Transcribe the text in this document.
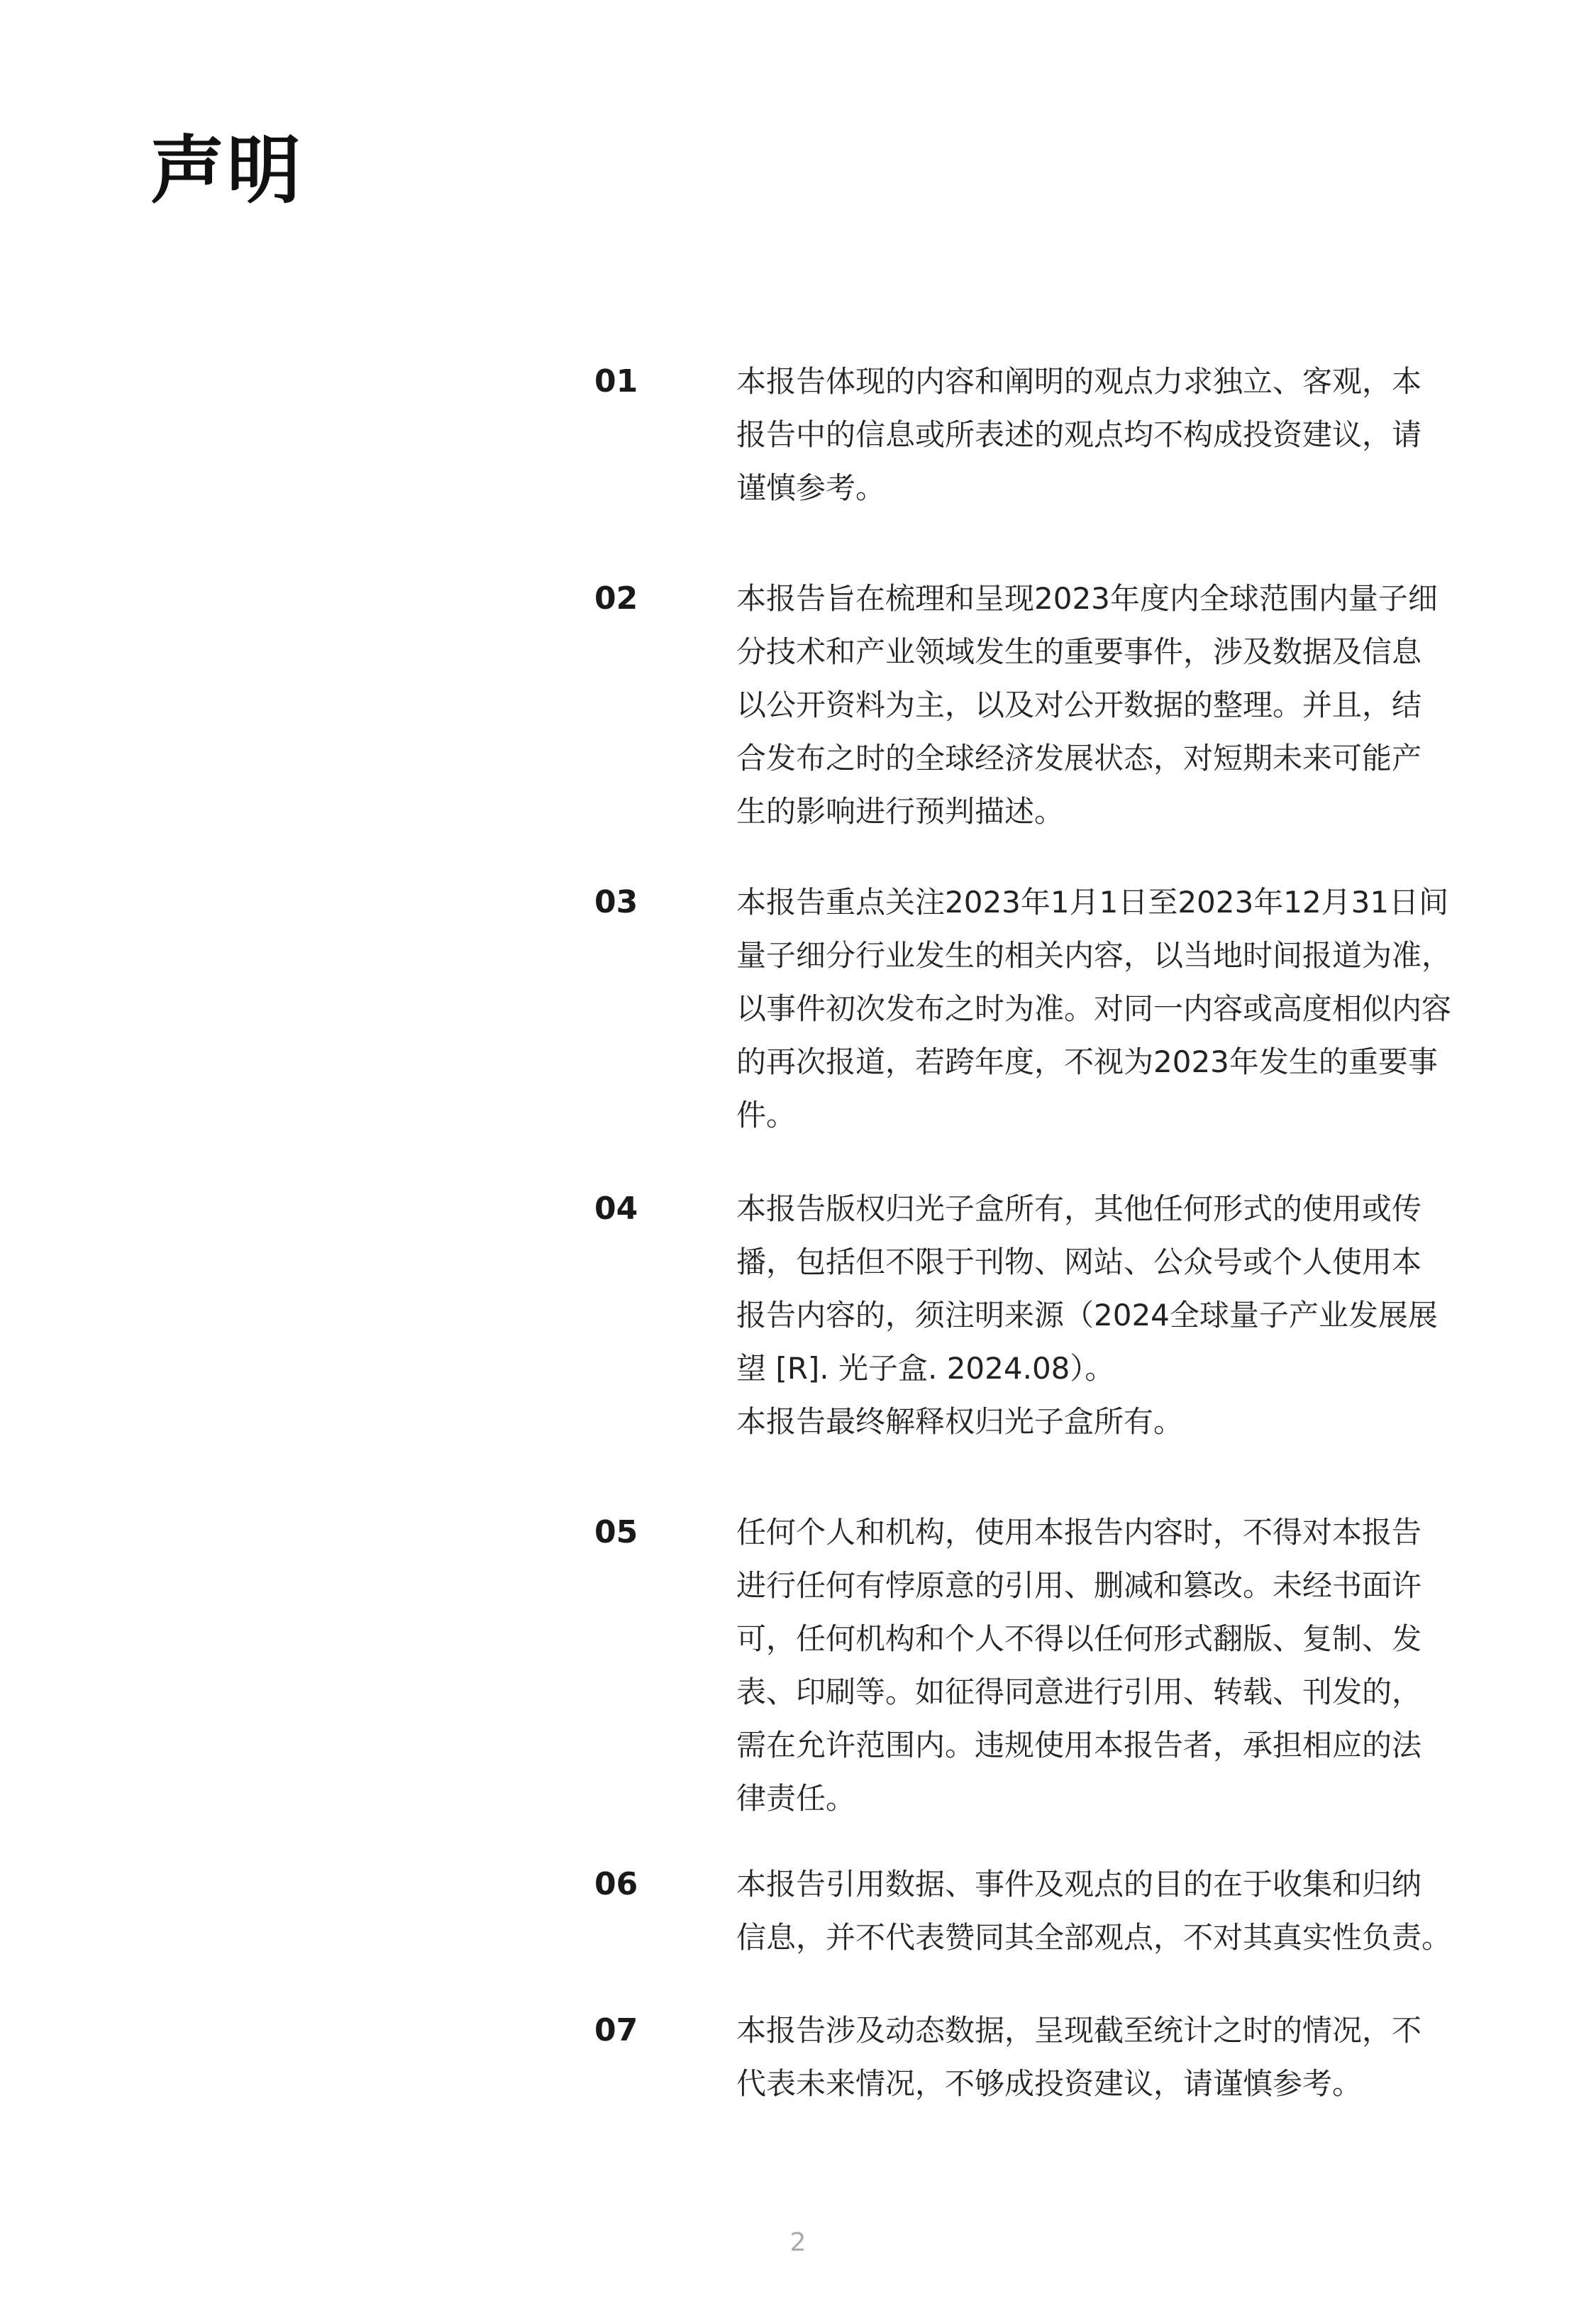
声明
01	本报告体现的内容和阐明的观点力求独立、客观，本

报告中的信息或所表述的观点均不构成投资建议，请

谨慎参考。

02	本报告旨在梳理和呈现2023年度内全球范围内量子细

分技术和产业领域发生的重要事件，涉及数据及信息

以公开资料为主，以及对公开数据的整理。并且，结

合发布之时的全球经济发展状态，对短期未来可能产

生的影响进行预判描述。

03	本报告重点关注2023年1月1日至2023年12月31日间

量子细分行业发生的相关内容，以当地时间报道为准，

以事件初次发布之时为准。对同一内容或高度相似内容

的再次报道，若跨年度，不视为2023年发生的重要事

件。

04	本报告版权归光子盒所有，其他任何形式的使用或传

播，包括但不限于刊物、网站、公众号或个人使用本

报告内容的，须注明来源（2024全球量子产业发展展

望 [R]. 光子盒. 2024.08）。

本报告最终解释权归光子盒所有。

05	任何个人和机构，使用本报告内容时，不得对本报告

进行任何有悖原意的引用、删减和篡改。未经书面许

可，任何机构和个人不得以任何形式翻版、复制、发

表、印刷等。如征得同意进行引用、转载、刊发的，

需在允许范围内。违规使用本报告者，承担相应的法

律责任。

06	本报告引用数据、事件及观点的目的在于收集和归纳

信息，并不代表赞同其全部观点，不对其真实性负责。

07	本报告涉及动态数据，呈现截至统计之时的情况，不

代表未来情况，不够成投资建议，请谨慎参考。

2
